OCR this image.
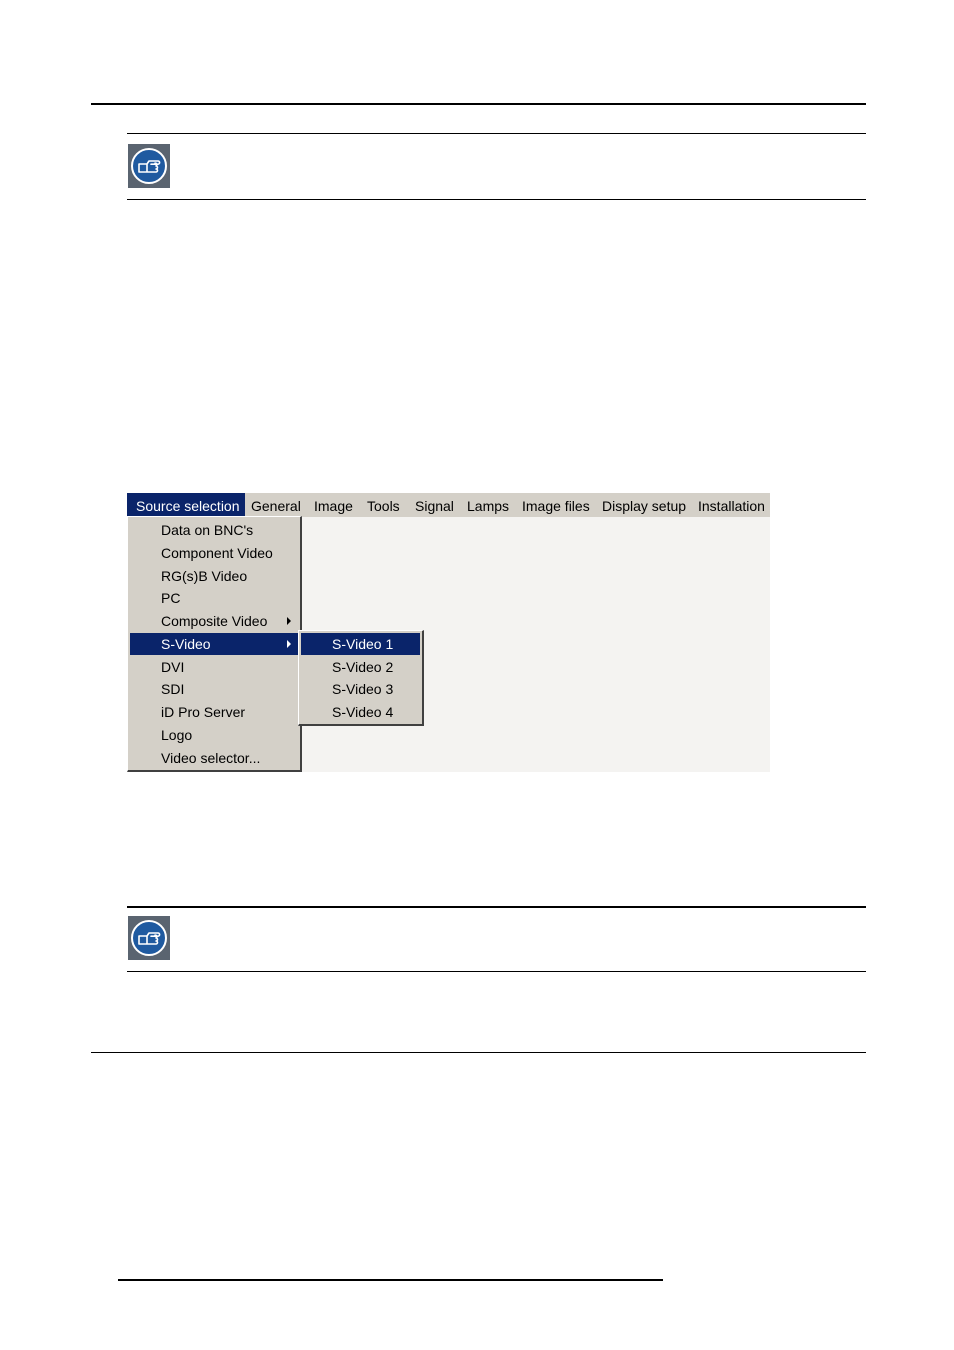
Source selection General Image Tools Signal Lamps Image files Display setup Installation
Data on BNC's
Component Video
RG(s)B Video
PC
Composite Video
S-Video
DVI
SDI
iD Pro Server
Logo
Video selector...
S-Video 1
S-Video 2
S-Video 3
S-Video 4
